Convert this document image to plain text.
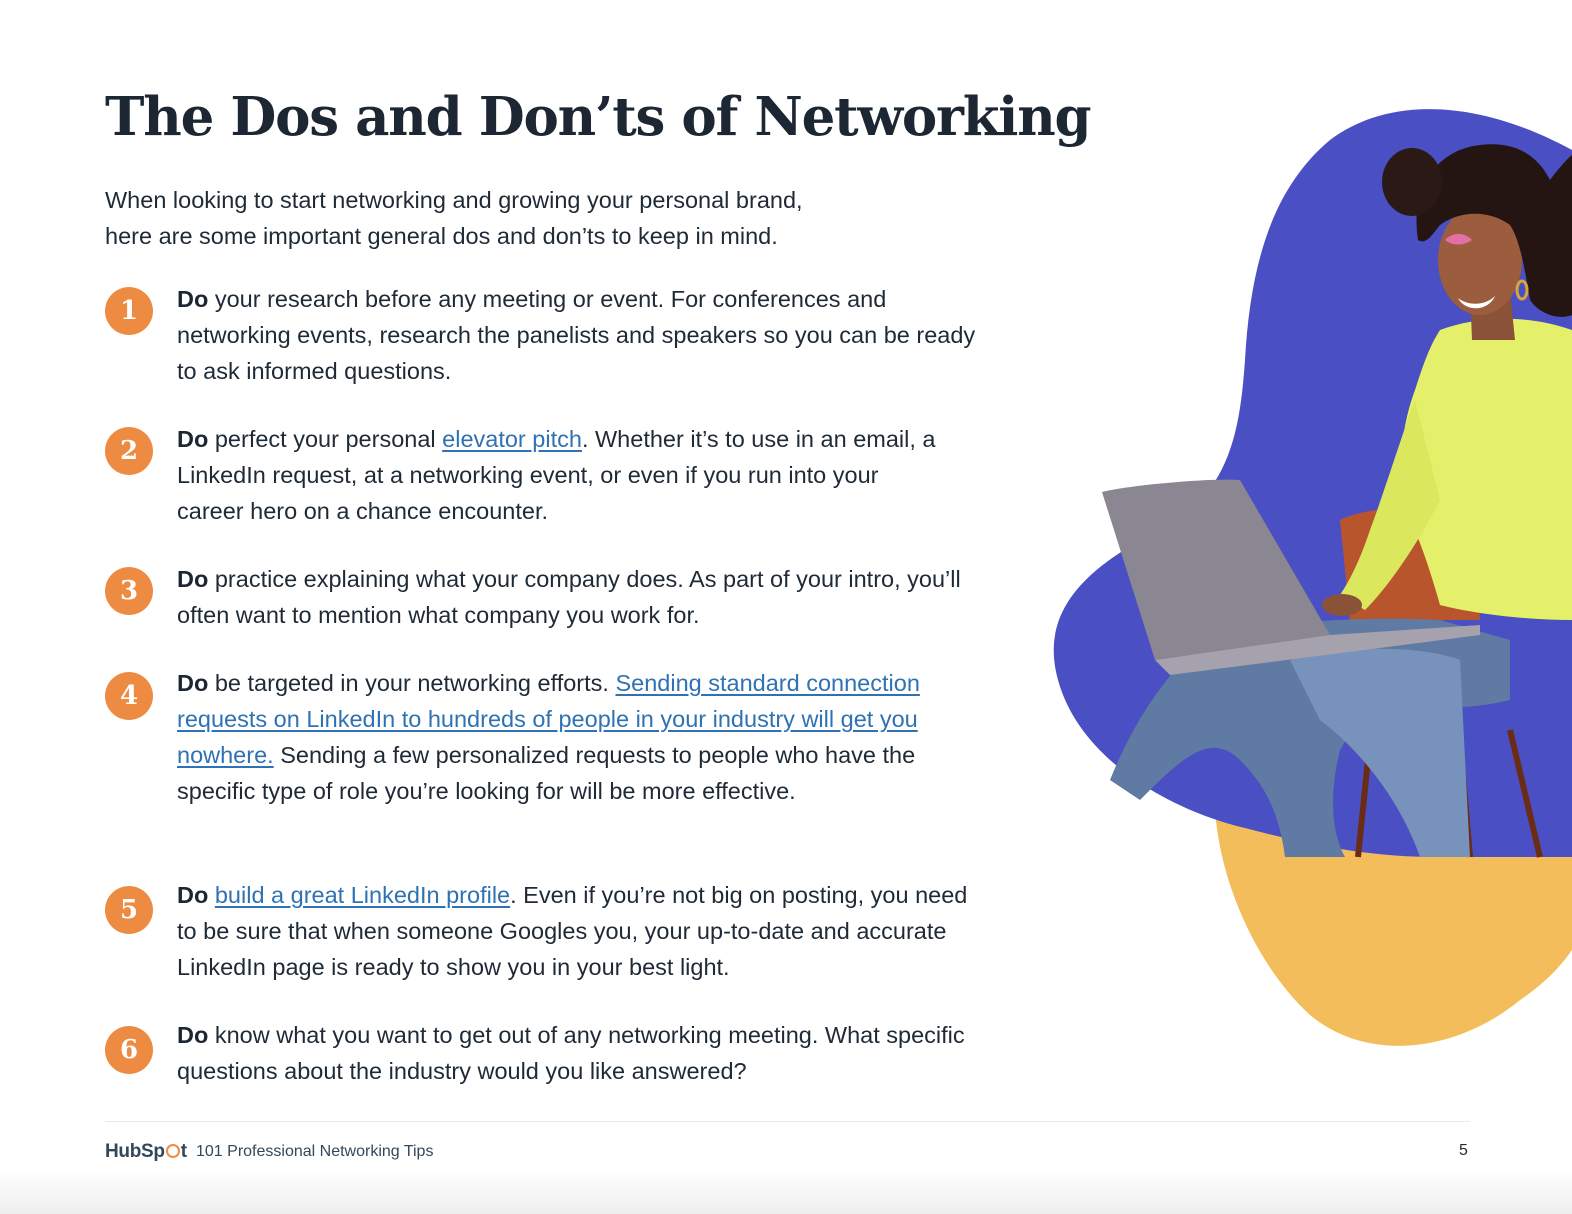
The Dos and Don’ts of Networking

When looking to start networking and growing your personal brand,
here are some important general dos and don’ts to keep in mind.

1	Do your research before any meeting or event. For conferences and networking events, research the panelists and speakers so you can be ready to ask informed questions.

2	Do perfect your personal elevator pitch. Whether it’s to use in an email, a LinkedIn request, at a networking event, or even if you run into your career hero on a chance encounter.

3	Do practice explaining what your company does. As part of your intro, you’ll often want to mention what company you work for.

4	Do be targeted in your networking efforts. Sending standard connection requests on LinkedIn to hundreds of people in your industry will get you nowhere. Sending a few personalized requests to people who have the specific type of role you’re looking for will be more effective.

5	Do build a great LinkedIn profile. Even if you’re not big on posting, you need to be sure that when someone Googles you, your up-to-date and accurate LinkedIn page is ready to show you in your best light.

6	Do know what you want to get out of any networking meeting. What specific questions about the industry would you like answered?

HubSp t 101 Professional Networking Tips	5
